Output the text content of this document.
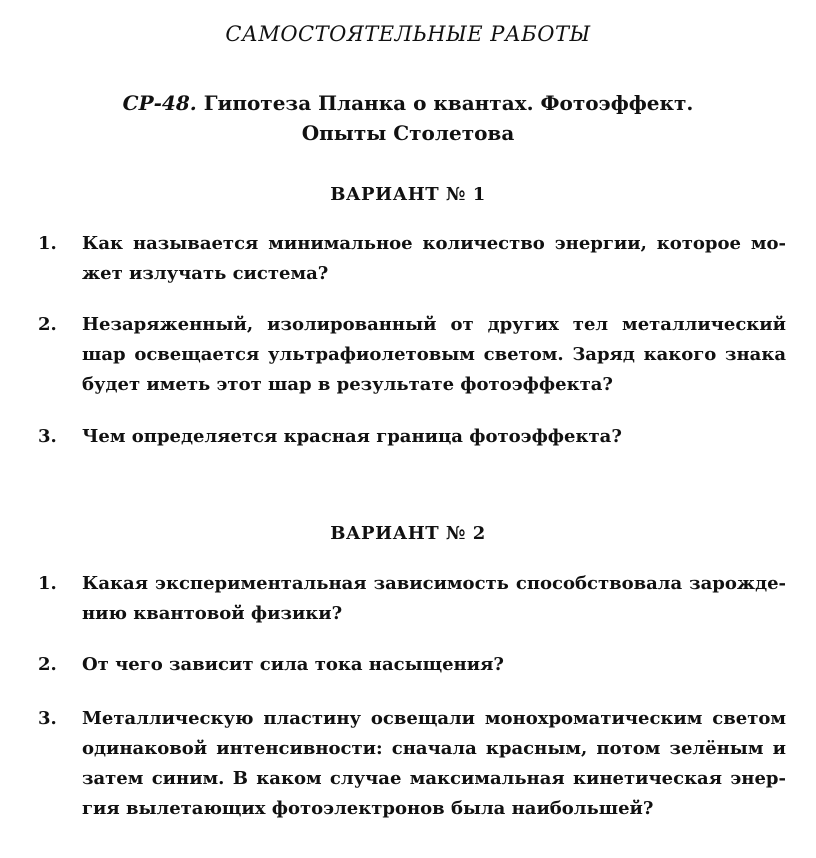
САМОСТОЯТЕЛЬНЫЕ РАБОТЫ
СР-48. Гипотеза Планка о квантах. Фотоэффект.
Опыты Столетова
ВАРИАНТ № 1
1.	Как называется минимальное количество энергии, которое мо-
жет излучать система?
2.	Незаряженный, изолированный от других тел металлический
шар освещается ультрафиолетовым светом. Заряд какого знака
будет иметь этот шар в результате фотоэффекта?
3.	Чем определяется красная граница фотоэффекта?
ВАРИАНТ № 2
1.	Какая экспериментальная зависимость способствовала зарожде-
нию квантовой физики?
2.	От чего зависит сила тока насыщения?
3.	Металлическую пластину освещали монохроматическим светом
одинаковой интенсивности: сначала красным, потом зелёным и
затем синим. В каком случае максимальная кинетическая энер-
гия вылетающих фотоэлектронов была наибольшей?
